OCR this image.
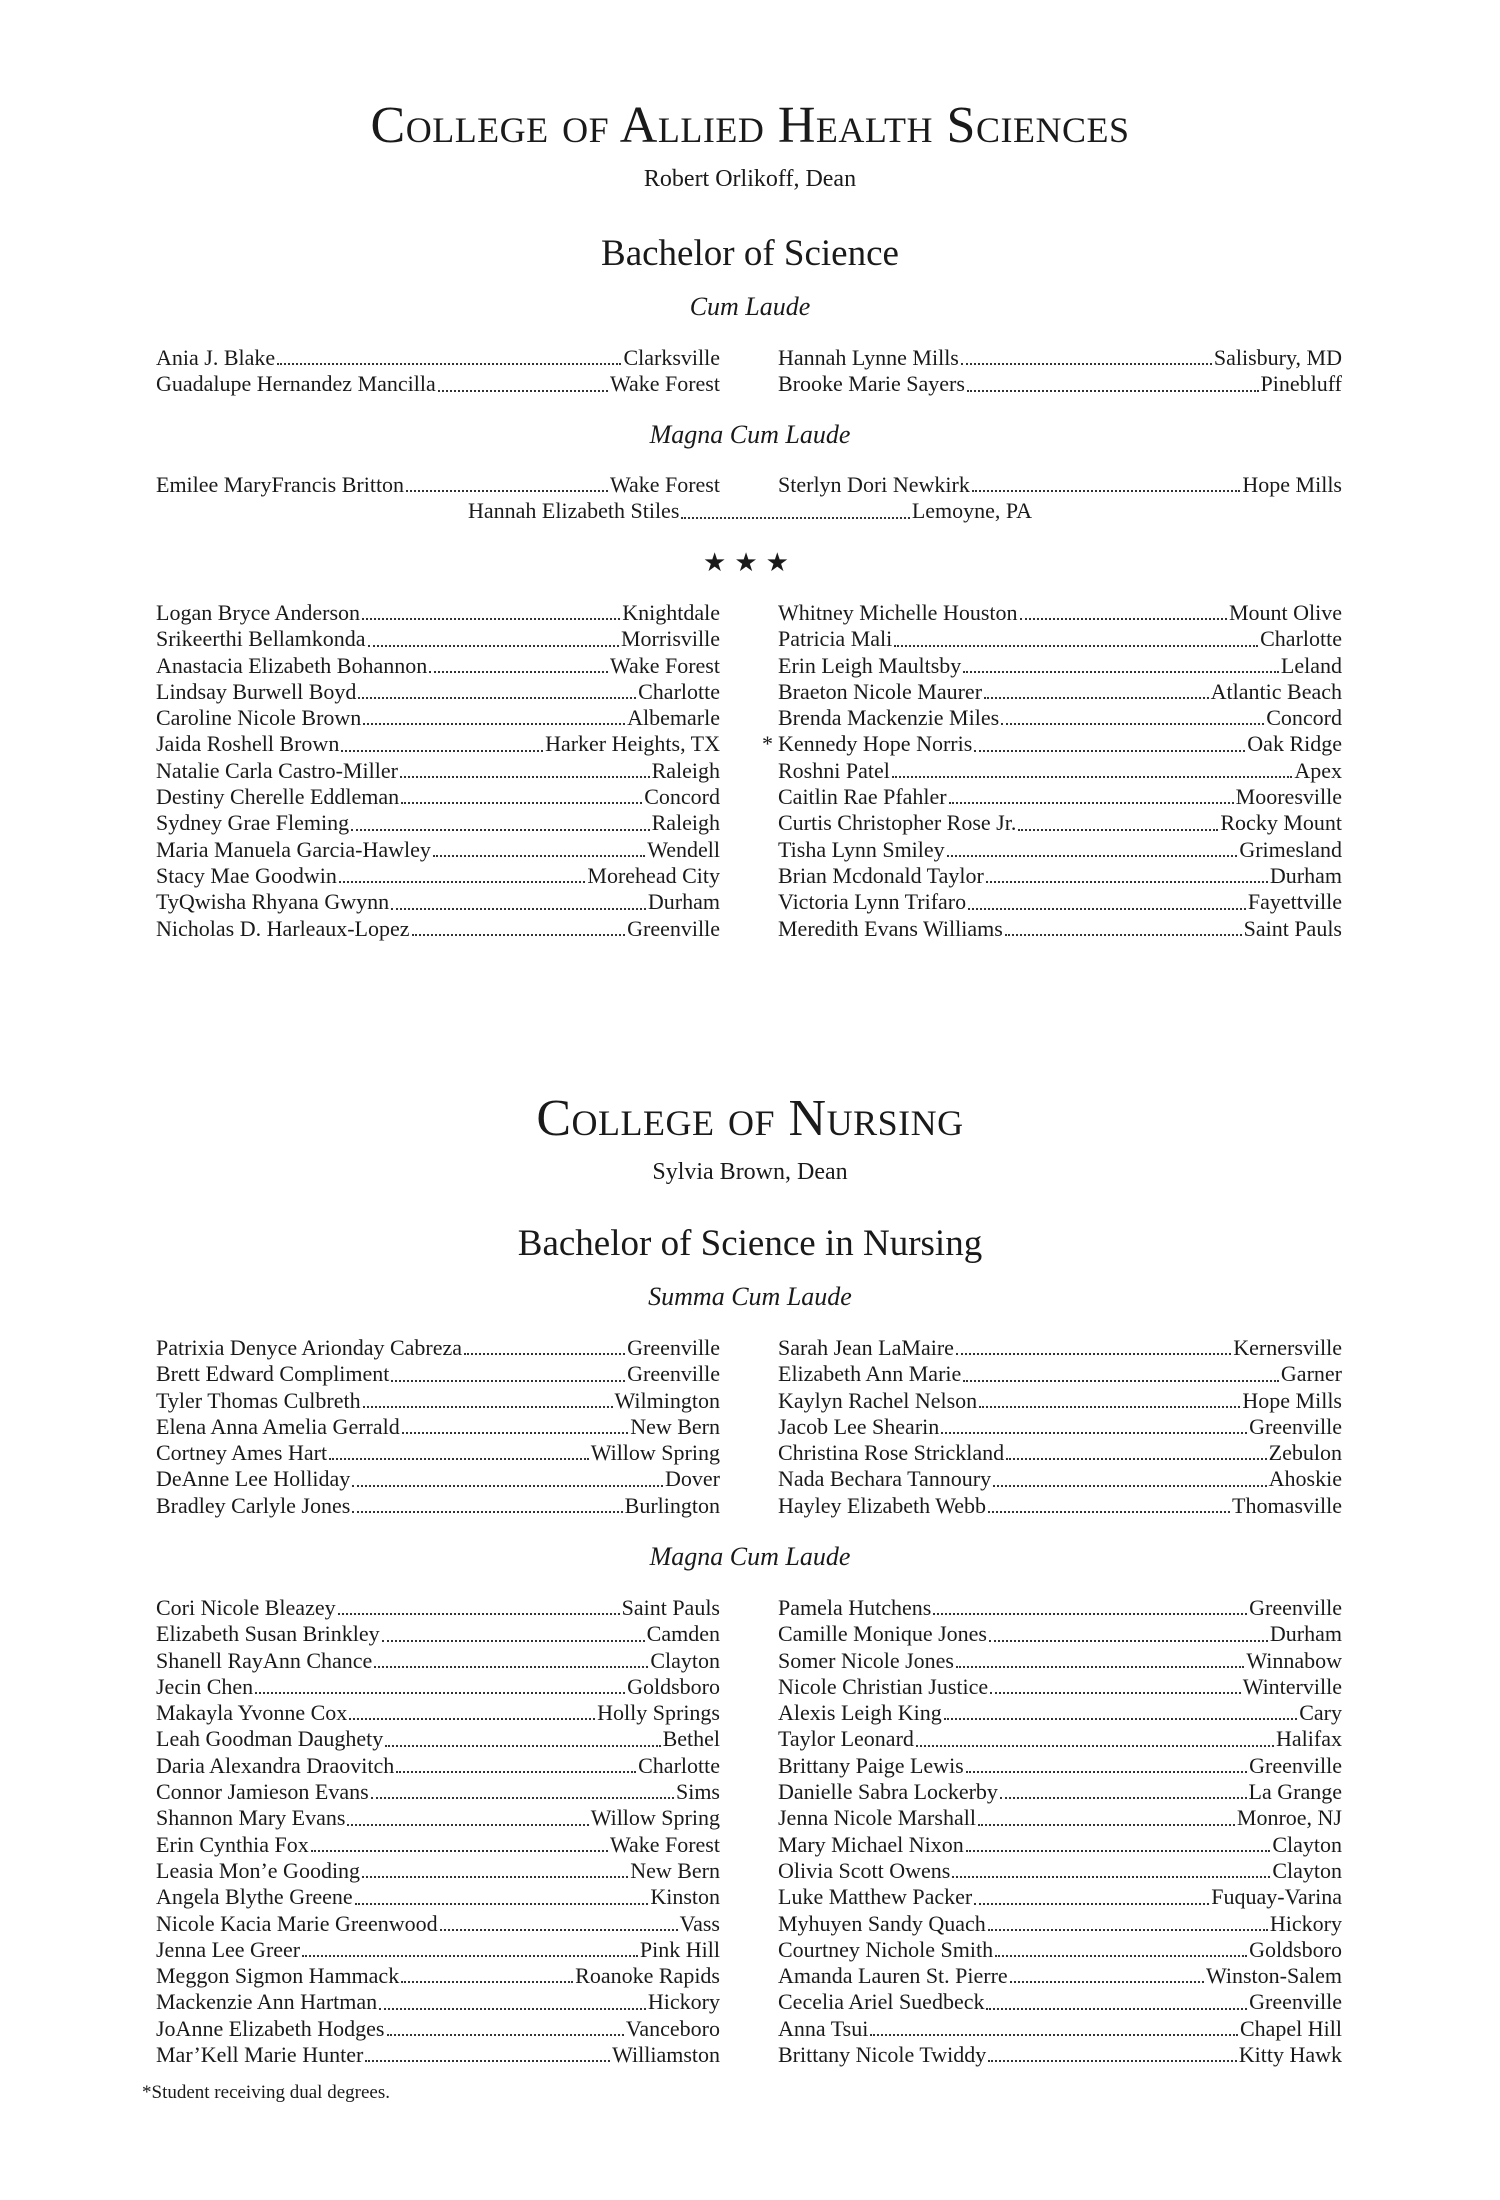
College of Allied Health Sciences
Robert Orlikoff, Dean
Bachelor of Science
Cum Laude
Ania J. Blake	Clarksville
Guadalupe Hernandez Mancilla	Wake Forest
Hannah Lynne Mills	Salisbury, MD
Brooke Marie Sayers	Pinebluff
Magna Cum Laude
Emilee MaryFrancis Britton	Wake Forest	Sterlyn Dori Newkirk	Hope Mills
Hannah Elizabeth Stiles	Lemoyne, PA
★★★
Logan Bryce Anderson	Knightdale
Srikeerthi Bellamkonda	Morrisville
Anastacia Elizabeth Bohannon	Wake Forest
Lindsay Burwell Boyd	Charlotte
Caroline Nicole Brown	Albemarle
Jaida Roshell Brown	Harker Heights, TX
Natalie Carla Castro-Miller	Raleigh
Destiny Cherelle Eddleman	Concord
Sydney Grae Fleming	Raleigh
Maria Manuela Garcia-Hawley	Wendell
Stacy Mae Goodwin	Morehead City
TyQwisha Rhyana Gwynn	Durham
Nicholas D. Harleaux-Lopez	Greenville
Whitney Michelle Houston	Mount Olive
Patricia Mali	Charlotte
Erin Leigh Maultsby	Leland
Braeton Nicole Maurer	Atlantic Beach
Brenda Mackenzie Miles	Concord
* Kennedy Hope Norris	Oak Ridge
Roshni Patel	Apex
Caitlin Rae Pfahler	Mooresville
Curtis Christopher Rose Jr.	Rocky Mount
Tisha Lynn Smiley	Grimesland
Brian Mcdonald Taylor	Durham
Victoria Lynn Trifaro	Fayettville
Meredith Evans Williams	Saint Pauls
College of Nursing
Sylvia Brown, Dean
Bachelor of Science in Nursing
Summa Cum Laude
Patrixia Denyce Arionday Cabreza	Greenville
Brett Edward Compliment	Greenville
Tyler Thomas Culbreth	Wilmington
Elena Anna Amelia Gerrald	New Bern
Cortney Ames Hart	Willow Spring
DeAnne Lee Holliday	Dover
Bradley Carlyle Jones	Burlington
Sarah Jean LaMaire	Kernersville
Elizabeth Ann Marie	Garner
Kaylyn Rachel Nelson	Hope Mills
Jacob Lee Shearin	Greenville
Christina Rose Strickland	Zebulon
Nada Bechara Tannoury	Ahoskie
Hayley Elizabeth Webb	Thomasville
Magna Cum Laude
Cori Nicole Bleazey	Saint Pauls
Elizabeth Susan Brinkley	Camden
Shanell RayAnn Chance	Clayton
Jecin Chen	Goldsboro
Makayla Yvonne Cox	Holly Springs
Leah Goodman Daughety	Bethel
Daria Alexandra Draovitch	Charlotte
Connor Jamieson Evans	Sims
Shannon Mary Evans	Willow Spring
Erin Cynthia Fox	Wake Forest
Leasia Mon’e Gooding	New Bern
Angela Blythe Greene	Kinston
Nicole Kacia Marie Greenwood	Vass
Jenna Lee Greer	Pink Hill
Meggon Sigmon Hammack	Roanoke Rapids
Mackenzie Ann Hartman	Hickory
JoAnne Elizabeth Hodges	Vanceboro
Mar’Kell Marie Hunter	Williamston
Pamela Hutchens	Greenville
Camille Monique Jones	Durham
Somer Nicole Jones	Winnabow
Nicole Christian Justice	Winterville
Alexis Leigh King	Cary
Taylor Leonard	Halifax
Brittany Paige Lewis	Greenville
Danielle Sabra Lockerby	La Grange
Jenna Nicole Marshall	Monroe, NJ
Mary Michael Nixon	Clayton
Olivia Scott Owens	Clayton
Luke Matthew Packer	Fuquay-Varina
Myhuyen Sandy Quach	Hickory
Courtney Nichole Smith	Goldsboro
Amanda Lauren St. Pierre	Winston-Salem
Cecelia Ariel Suedbeck	Greenville
Anna Tsui	Chapel Hill
Brittany Nicole Twiddy	Kitty Hawk
*Student receiving dual degrees.
